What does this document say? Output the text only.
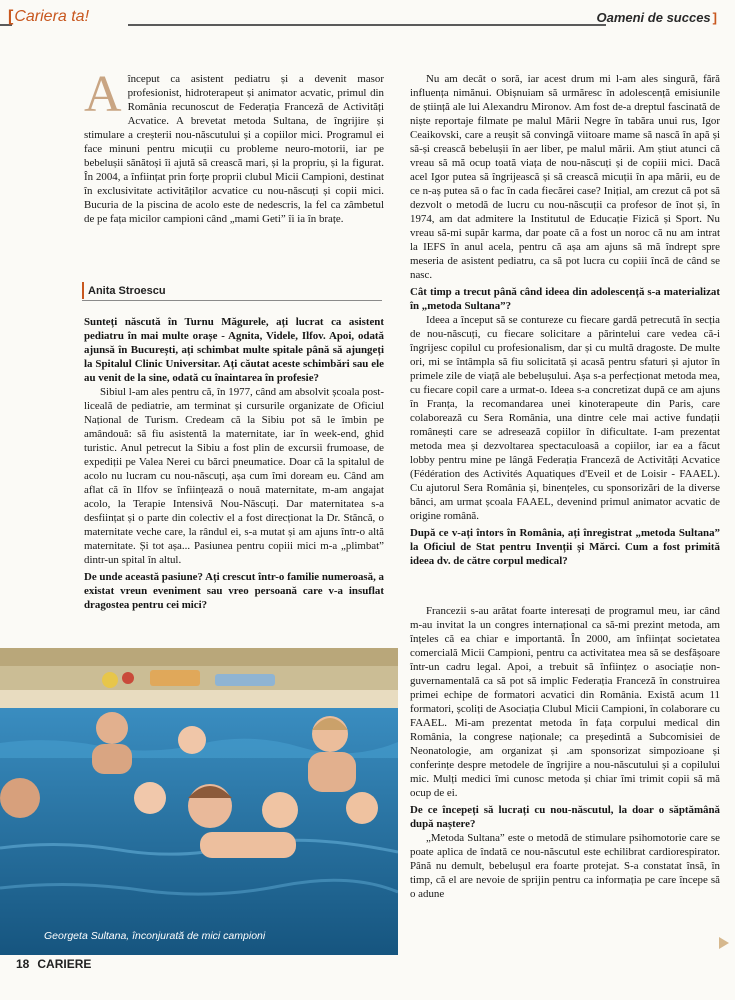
[Cariera ta!	Oameni de succes ]
A început ca asistent pediatru și a devenit masor profesionist, hidroterapeut și animator acvatic, primul din România recunoscut de Federația Franceză de Activități Acvatice. A brevetat metoda Sultana, de îngrijire și stimulare a creșterii nou-născutului și a copiilor mici. Programul ei face minuni pentru micuții cu probleme neuro-motorii, iar pe bebelușii sănătoși îi ajută să crească mari, și la propriu, și la figurat. În 2004, a înființat prin forțe proprii clubul Micii Campioni, destinat în exclusivitate activităților acvatice cu nou-născuți și copii mici. Bucuria de la piscina de acolo este de nedescris, la fel ca zâmbetul de pe fața micilor campioni când „mami Geti” îi ia în brațe.

Anita Stroescu

Sunteți născută în Turnu Măgurele, ați lucrat ca asistent pediatru în mai multe orașe - Agnita, Videle, Ilfov. Apoi, odată ajunsă în București, ați schimbat multe spitale până să ajungeți la Spitalul Clinic Universitar. Ați căutat aceste schimbări sau ele au venit de la sine, odată cu înaintarea în profesie?

Sibiul l-am ales pentru că, în 1977, când am absolvit școala post-liceală de pediatrie, am terminat și cursurile organizate de Oficiul Național de Turism. Credeam că la Sibiu pot să le îmbin pe amândouă: să fiu asistentă la maternitate, iar în week-end, ghid turistic. Anul petrecut la Sibiu a fost plin de excursii frumoase, de expediții pe Valea Nerei cu bărci pneumatice. Doar că la spitalul de acolo nu lucram cu nou-născuți, așa cum îmi doream eu. Când am aflat că în Ilfov se înființează o nouă maternitate, m-am angajat acolo, la Terapie Intensivă Nou-Născuți. Dar maternitatea s-a desființat și o parte din colectiv el a fost direcționat la Dr. Stăncă, o maternitate veche care, la rândul ei, s-a mutat și am ajuns într-o altă maternitate. Și tot așa... Pasiunea pentru copiii mici m-a „plimbat” dintr-un spital în altul.

De unde această pasiune? Ați crescut într-o familie numeroasă, a existat vreun eveniment sau vreo persoană care v-a insuflat dragostea pentru cei mici?

Georgeta Sultana, înconjurată de mici campioni

Nu am decât o soră, iar acest drum mi l-am ales singură, fără influența nimănui. Obișnuiam să urmăresc în adolescență emisiunile de știință ale lui Alexandru Mironov. Am fost de-a dreptul fascinată de niște reportaje filmate pe malul Mării Negre în tabăra unui rus, Igor Ceaikovski, care a reușit să convingă viitoare mame să nască în apă și să-și crească bebelușii în aer liber, pe malul mării. Am știut atunci că vreau să mă ocup toată viața de nou-născuți și de copiii mici. Dacă acel Igor putea să îngrijească și să crească micuții în apa mării, eu de ce n-aș putea să o fac în cada fiecărei case? Inițial, am crezut că pot să dezvolt o metodă de lucru cu nou-născuții ca profesor de înot și, în 1974, am dat admitere la Institutul de Educație Fizică și Sport. Nu vreau să-mi supăr karma, dar poate că a fost un noroc că nu am intrat la IEFS în anul acela, pentru că așa am ajuns să mă îndrept spre meseria de asistent pediatru, ca să pot lucra cu copiii încă de când se nasc.

Cât timp a trecut până când ideea din adolescență s-a materializat în „metoda Sultana”?

Ideea a început să se contureze cu fiecare gardă petrecută în secția de nou-născuți, cu fiecare solicitare a părintelui care vedea că-i îngrijesc copilul cu profesionalism, dar și cu multă dragoste. De multe ori, mi se întâmpla să fiu solicitată și acasă pentru sfaturi și ajutor în primele zile de viață ale bebelușului. Așa s-a perfecționat metoda mea, cu fiecare copil care a urmat-o. Ideea s-a concretizat după ce am ajuns în Franța, la recomandarea unei kinoterapeute din Paris, care colaborează cu Sera România, una dintre cele mai active fundații românești care se adresează copiilor în dificultate. I-am prezentat metoda mea și dezvoltarea spectaculoasă a copiilor, iar ea a făcut lobby pentru mine pe lângă Federația Franceză de Activități Acvatice (Fédération des Activités Aquatiques d'Eveil et de Loisir - FAAEL). Cu ajutorul Sera România și, binențeles, cu sponsorizări de la diverse bănci, am urmat școala FAAEL, devenind primul animator acvatic de origine română.

După ce v-ați întors în România, ați înregistrat „metoda Sultana” la Oficiul de Stat pentru Invenții și Mărci. Cum a fost primită ideea dv. de către corpul medical?

Francezii s-au arătat foarte interesați de programul meu, iar când m-au invitat la un congres internațional ca să-mi prezint metoda, am înțeles că ea chiar e importantă. În 2000, am înființat societatea comercială Micii Campioni, pentru ca activitatea mea să se desfășoare într-un cadru legal. Apoi, a trebuit să înființez o asociație non-guvernamentală ca să pot să implic Federația Franceză în construirea primei echipe de formatori acvatici din România. Există acum 11 formatori, școliți de Asociația Clubul Micii Campioni, în colaborare cu FAAEL. Mi-am prezentat metoda în fața corpului medical din România, la congrese naționale; ca președintă a Subcomisiei de Neonatologie, am organizat și .am sponsorizat simpozioane și conferințe despre metodele de îngrijire a nou-născutului și a copilului mic. Mulți medici îmi cunosc metoda și chiar îmi trimit copii să mă ocup de ei.

De ce începeți să lucrați cu nou-născutul, la doar o săptămână după naștere?

„Metoda Sultana” este o metodă de stimulare psihomotorie care se poate aplica de îndată ce nou-născutul este echilibrat cardiorespirator. Până nu demult, bebelușul era foarte protejat. S-a constatat însă, în timp, că el are nevoie de sprijin pentru ca informația pe care începe să o adune

18 CARIERE
